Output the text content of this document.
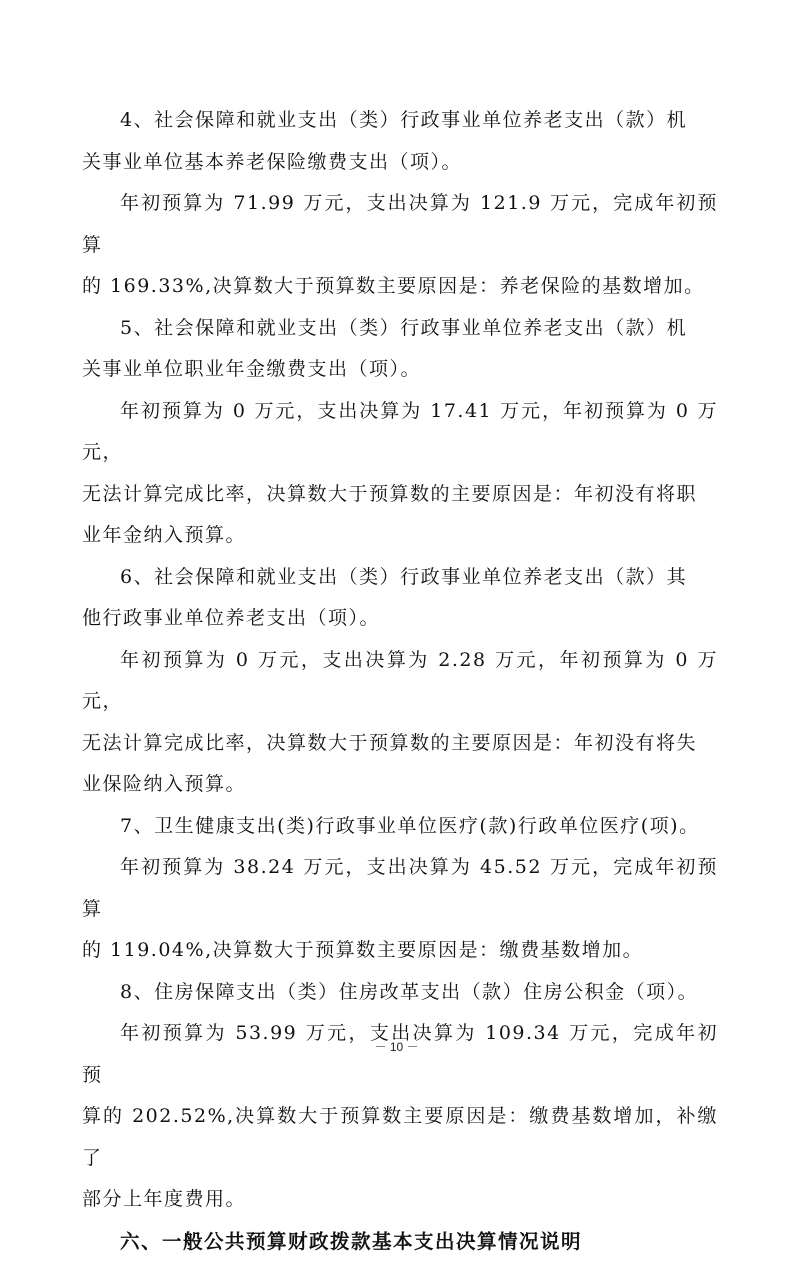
4、社会保障和就业支出（类）行政事业单位养老支出（款）机
关事业单位基本养老保险缴费支出（项）。

年初预算为 71.99 万元，支出决算为 121.9 万元，完成年初预算
的 169.33%,决算数大于预算数主要原因是：养老保险的基数增加。

5、社会保障和就业支出（类）行政事业单位养老支出（款）机
关事业单位职业年金缴费支出（项）。

年初预算为 0 万元，支出决算为 17.41 万元，年初预算为 0 万元，
无法计算完成比率，决算数大于预算数的主要原因是：年初没有将职
业年金纳入预算。

6、社会保障和就业支出（类）行政事业单位养老支出（款）其
他行政事业单位养老支出（项）。

年初预算为 0 万元，支出决算为 2.28 万元，年初预算为 0 万元，
无法计算完成比率，决算数大于预算数的主要原因是：年初没有将失
业保险纳入预算。

7、卫生健康支出(类)行政事业单位医疗(款)行政单位医疗(项)。

年初预算为 38.24 万元，支出决算为 45.52 万元，完成年初预算
的 119.04%,决算数大于预算数主要原因是：缴费基数增加。

8、住房保障支出（类）住房改革支出（款）住房公积金（项）。

年初预算为 53.99 万元，支出决算为 109.34 万元，完成年初预
算的 202.52%,决算数大于预算数主要原因是：缴费基数增加，补缴了
部分上年度费用。

六、一般公共预算财政拨款基本支出决算情况说明

－ 10 －
